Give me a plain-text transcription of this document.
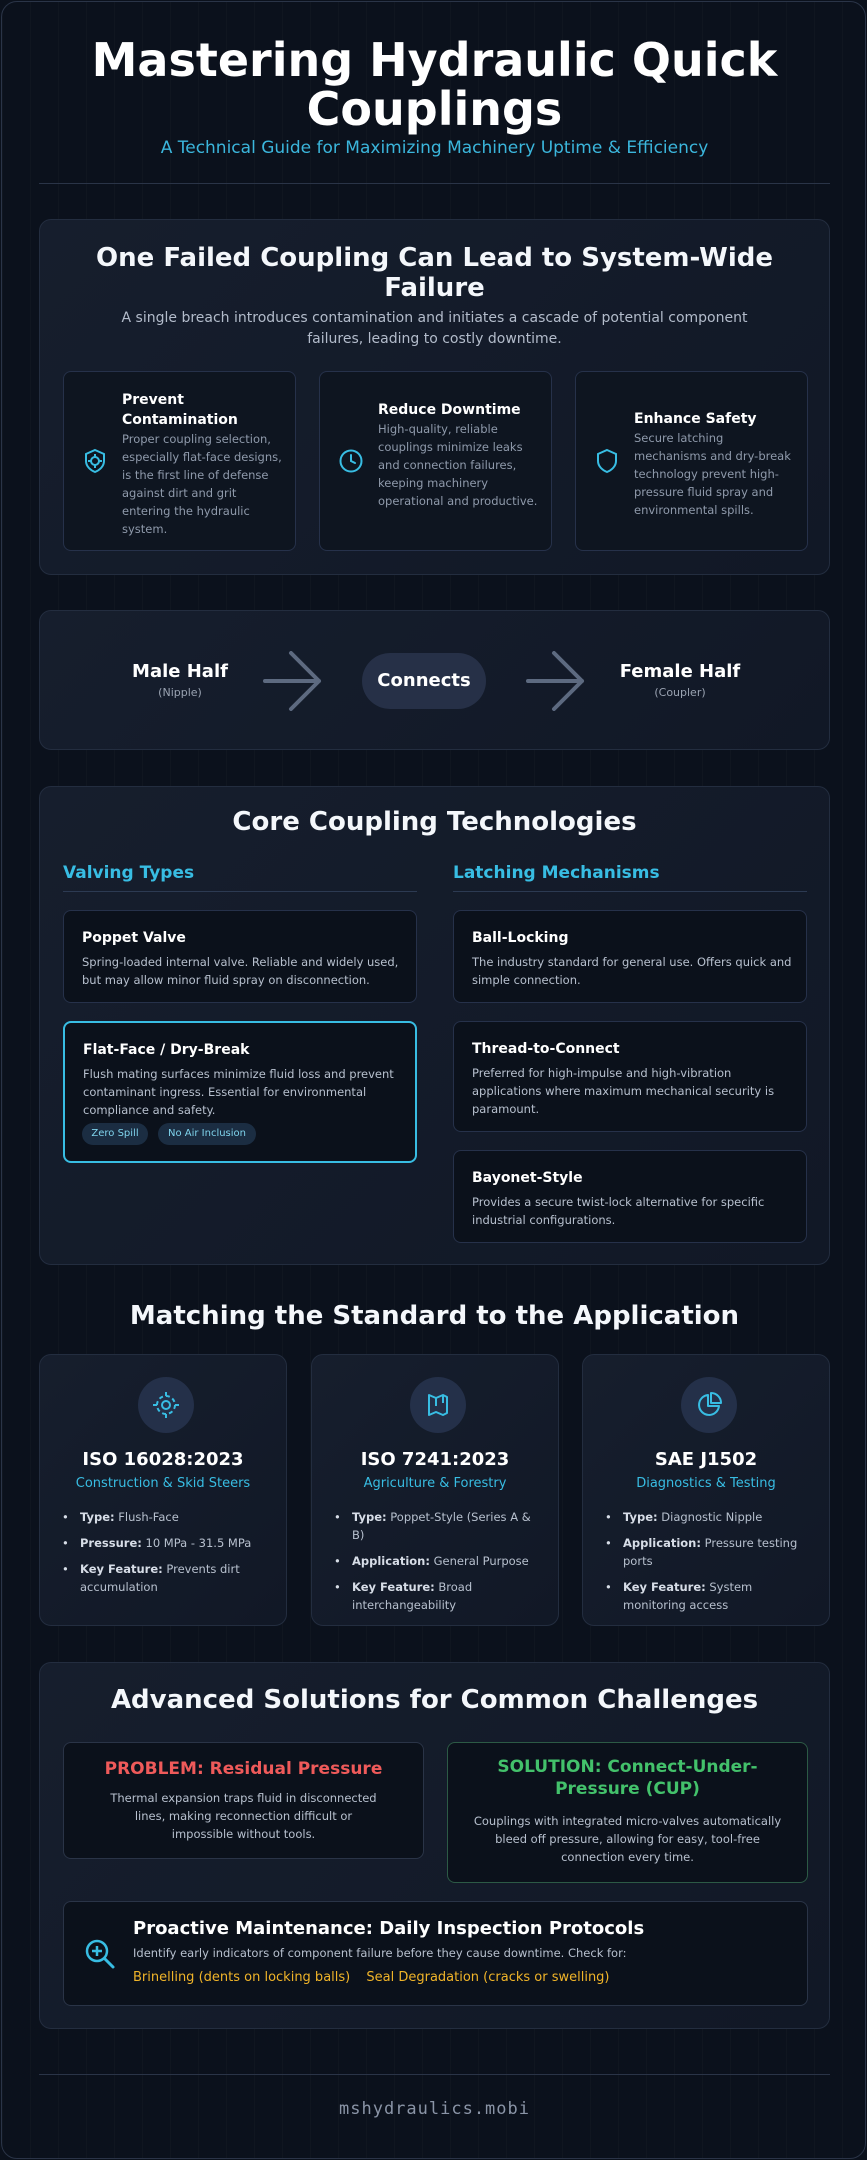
Mastering Hydraulic Quick
Couplings
A Technical Guide for Maximizing Machinery Uptime & Efficiency
One Failed Coupling Can Lead to System-Wide
Failure
A single breach introduces contamination and initiates a cascade of potential component
failures, leading to costly downtime.
Prevent Contamination
Proper coupling selection, especially flat-face designs, is the first line of defense against dirt and grit entering the hydraulic system.
Reduce Downtime
High-quality, reliable couplings minimize leaks and connection failures, keeping machinery operational and productive.
Enhance Safety
Secure latching mechanisms and dry-break technology prevent high-pressure fluid spray and environmental spills.
Male Half
(Nipple)
Connects	Female Half
(Coupler)
Core Coupling Technologies
Valving Types	Latching Mechanisms
Poppet Valve
Spring-loaded internal valve. Reliable and widely used, but may allow minor fluid spray on disconnection.
Flat-Face / Dry-Break
Flush mating surfaces minimize fluid loss and prevent contaminant ingress. Essential for environmental compliance and safety.
Zero Spill	No Air Inclusion
Ball-Locking
The industry standard for general use. Offers quick and simple connection.
Thread-to-Connect
Preferred for high-impulse and high-vibration applications where maximum mechanical security is paramount.
Bayonet-Style
Provides a secure twist-lock alternative for specific industrial configurations.
Matching the Standard to the Application
ISO 16028:2023
Construction & Skid Steers
• Type: Flush-Face
• Pressure: 10 MPa - 31.5 MPa
• Key Feature: Prevents dirt accumulation
ISO 7241:2023
Agriculture & Forestry
• Type: Poppet-Style (Series A & B)
• Application: General Purpose
• Key Feature: Broad interchangeability
SAE J1502
Diagnostics & Testing
• Type: Diagnostic Nipple
• Application: Pressure testing ports
• Key Feature: System monitoring access
Advanced Solutions for Common Challenges
PROBLEM: Residual Pressure
Thermal expansion traps fluid in disconnected lines, making reconnection difficult or impossible without tools.
SOLUTION: Connect-Under-Pressure (CUP)
Couplings with integrated micro-valves automatically bleed off pressure, allowing for easy, tool-free connection every time.
Proactive Maintenance: Daily Inspection Protocols
Identify early indicators of component failure before they cause downtime. Check for:
Brinelling (dents on locking balls) Seal Degradation (cracks or swelling)
mshydraulics.mobi
